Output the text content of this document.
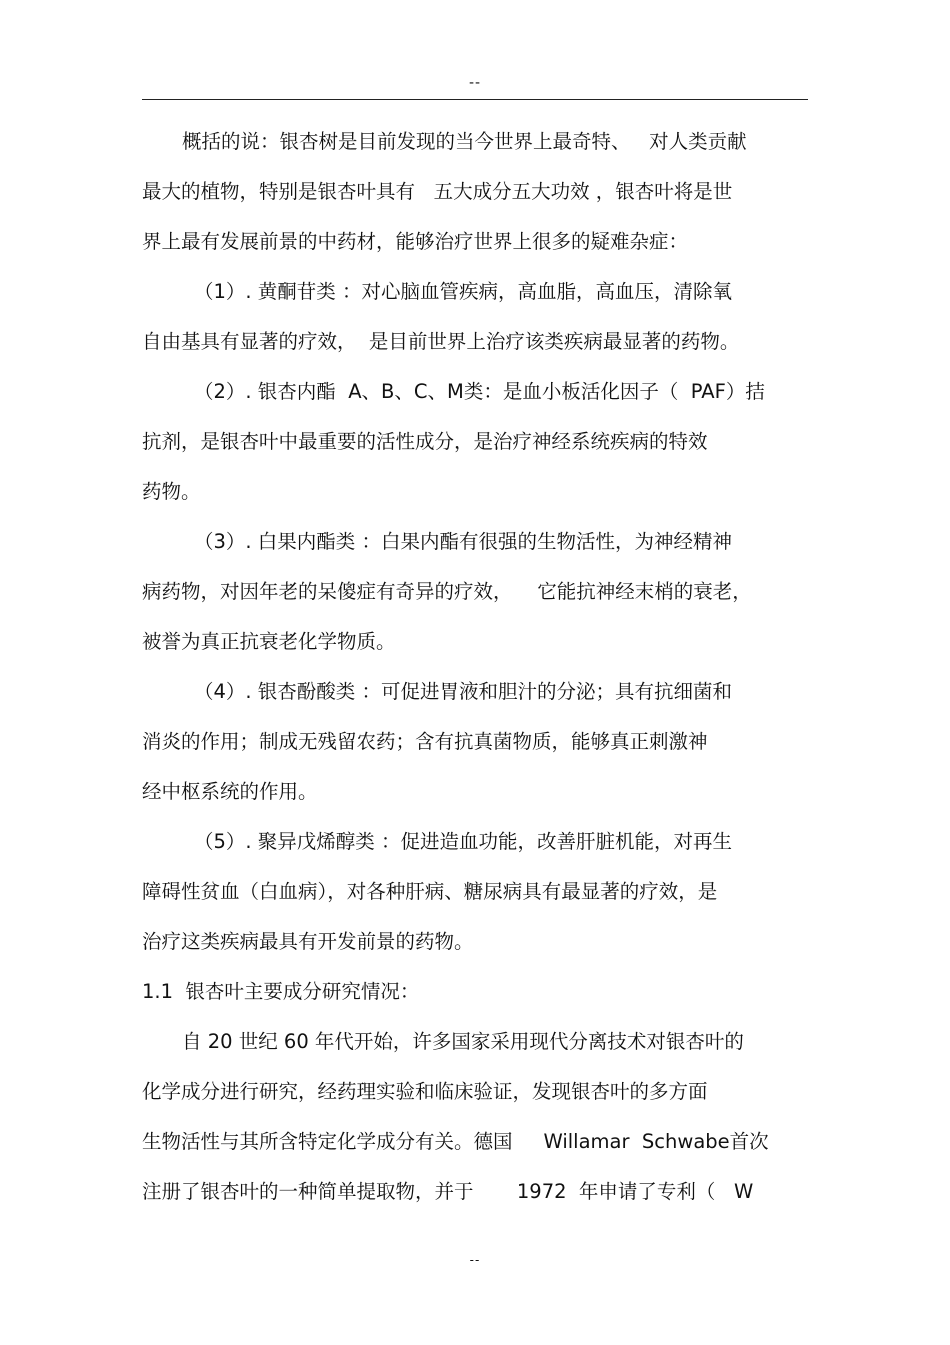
--
概括的说：银杏树是目前发现的当今世界上最奇特、   对人类贡献
最大的植物，特别是银杏叶具有   五大成分五大功效 ，银杏叶将是世
界上最有发展前景的中药材，能够治疗世界上很多的疑难杂症：
（1）. 黄酮苷类 ：对心脑血管疾病，高血脂，高血压，清除氧
自由基具有显著的疗效，  是目前世界上治疗该类疾病最显著的药物。
（2）. 银杏内酯  A、B、C、M类：是血小板活化因子（  PAF）拮
抗剂，是银杏叶中最重要的活性成分，是治疗神经系统疾病的特效
药物。
（3）. 白果内酯类 ：白果内酯有很强的生物活性，为神经精神
病药物，对因年老的呆傻症有奇异的疗效，    它能抗神经末梢的衰老，
被誉为真正抗衰老化学物质。
（4）. 银杏酚酸类 ：可促进胃液和胆汁的分泌；具有抗细菌和
消炎的作用；制成无残留农药；含有抗真菌物质，能够真正刺激神
经中枢系统的作用。
（5）. 聚异戊烯醇类 ：促进造血功能，改善肝脏机能，对再生
障碍性贫血（白血病），对各种肝病、糖尿病具有最显著的疗效，是
治疗这类疾病最具有开发前景的药物。
1.1  银杏叶主要成分研究情况：
自 20 世纪 60 年代开始，许多国家采用现代分离技术对银杏叶的
化学成分进行研究，经药理实验和临床验证，发现银杏叶的多方面
生物活性与其所含特定化学成分有关。德国     Willamar  Schwabe首次
注册了银杏叶的一种简单提取物，并于       1972  年申请了专利（   W
--
